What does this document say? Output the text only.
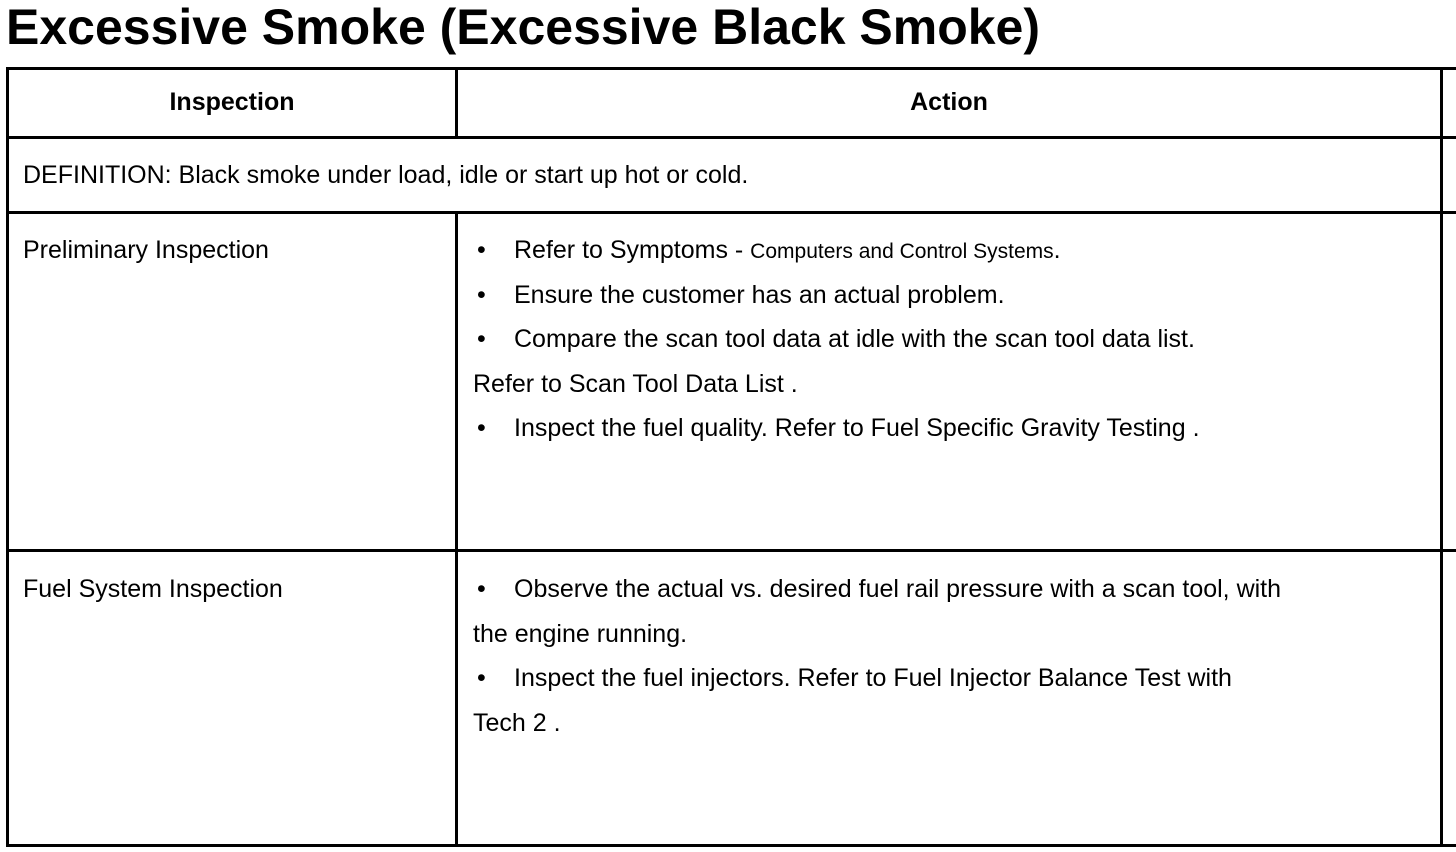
Excessive Smoke (Excessive Black Smoke)
Inspection	Action
DEFINITION: Black smoke under load, idle or start up hot or cold.
Preliminary Inspection	• Refer to Symptoms - Computers and Control Systems.
• Ensure the customer has an actual problem.
• Compare the scan tool data at idle with the scan tool data list.
Refer to Scan Tool Data List .
• Inspect the fuel quality. Refer to Fuel Specific Gravity Testing .
Fuel System Inspection	• Observe the actual vs. desired fuel rail pressure with a scan tool, with
the engine running.
• Inspect the fuel injectors. Refer to Fuel Injector Balance Test with
Tech 2 .
